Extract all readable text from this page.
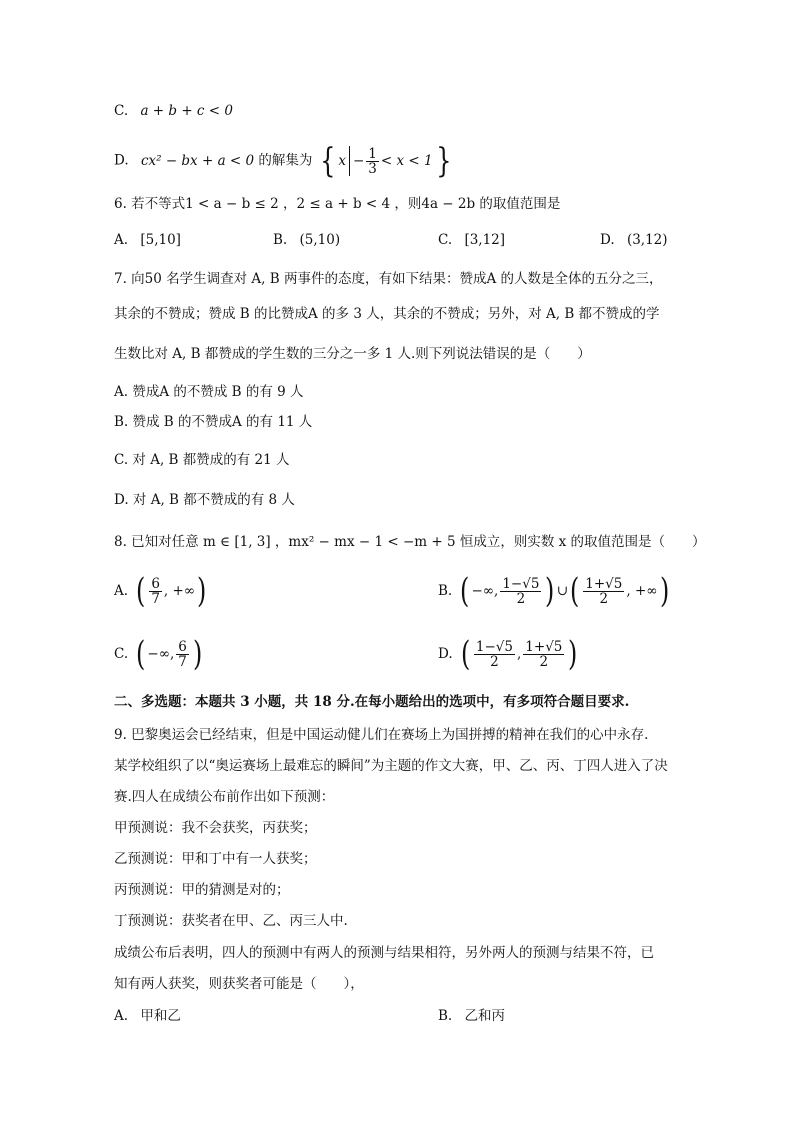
C. a + b + c < 0
D. cx² − bx + a < 0 的解集为 { $x - \frac{1}{3} < x < 1$ }
6. 若不等式1 < a − b ≤ 2 ，2 ≤ a + b < 4 ，则4a − 2b 的取值范围是
A. [5,10]	B. (5,10)	C. [3,12]	D. (3,12)
7. 向50 名学生调查对 A, B 两事件的态度，有如下结果：赞成A 的人数是全体的五分之三，
其余的不赞成；赞成 B 的比赞成A 的多 3 人，其余的不赞成；另外，对 A, B 都不赞成的学
生数比对 A, B 都赞成的学生数的三分之一多 1 人.则下列说法错误的是（　　）
A. 赞成A 的不赞成 B 的有 9 人
B. 赞成 B 的不赞成A 的有 11 人
C. 对 A, B 都赞成的有 21 人
D. 对 A, B 都不赞成的有 8 人
8. 已知对任意 m ∈ [1, 3] ，mx² − mx − 1 < −m + 5 恒成立，则实数 x 的取值范围是（　　）
A. ( $\frac{6}{7}$ , +∞ )	B. ( −∞, $\frac{1-√5}{2}$ ) ∪ ( $\frac{1+√5}{2}$ , +∞ )
C. ( −∞, $\frac{6}{7}$ )	D. ( $\frac{1-√5}{2}$ , $\frac{1+√5}{2}$ )
二、多选题：本题共 3 小题，共 18 分.在每小题给出的选项中，有多项符合题目要求.
9. 巴黎奥运会已经结束，但是中国运动健儿们在赛场上为国拼搏的精神在我们的心中永存.
某学校组织了以“奥运赛场上最难忘的瞬间”为主题的作文大赛，甲、乙、丙、丁四人进入了决
赛.四人在成绩公布前作出如下预测：
甲预测说：我不会获奖，丙获奖；
乙预测说：甲和丁中有一人获奖；
丙预测说：甲的猜测是对的；
丁预测说：获奖者在甲、乙、丙三人中.
成绩公布后表明，四人的预测中有两人的预测与结果相符，另外两人的预测与结果不符，已
知有两人获奖，则获奖者可能是（　　），
A. 甲和乙	B. 乙和丙
